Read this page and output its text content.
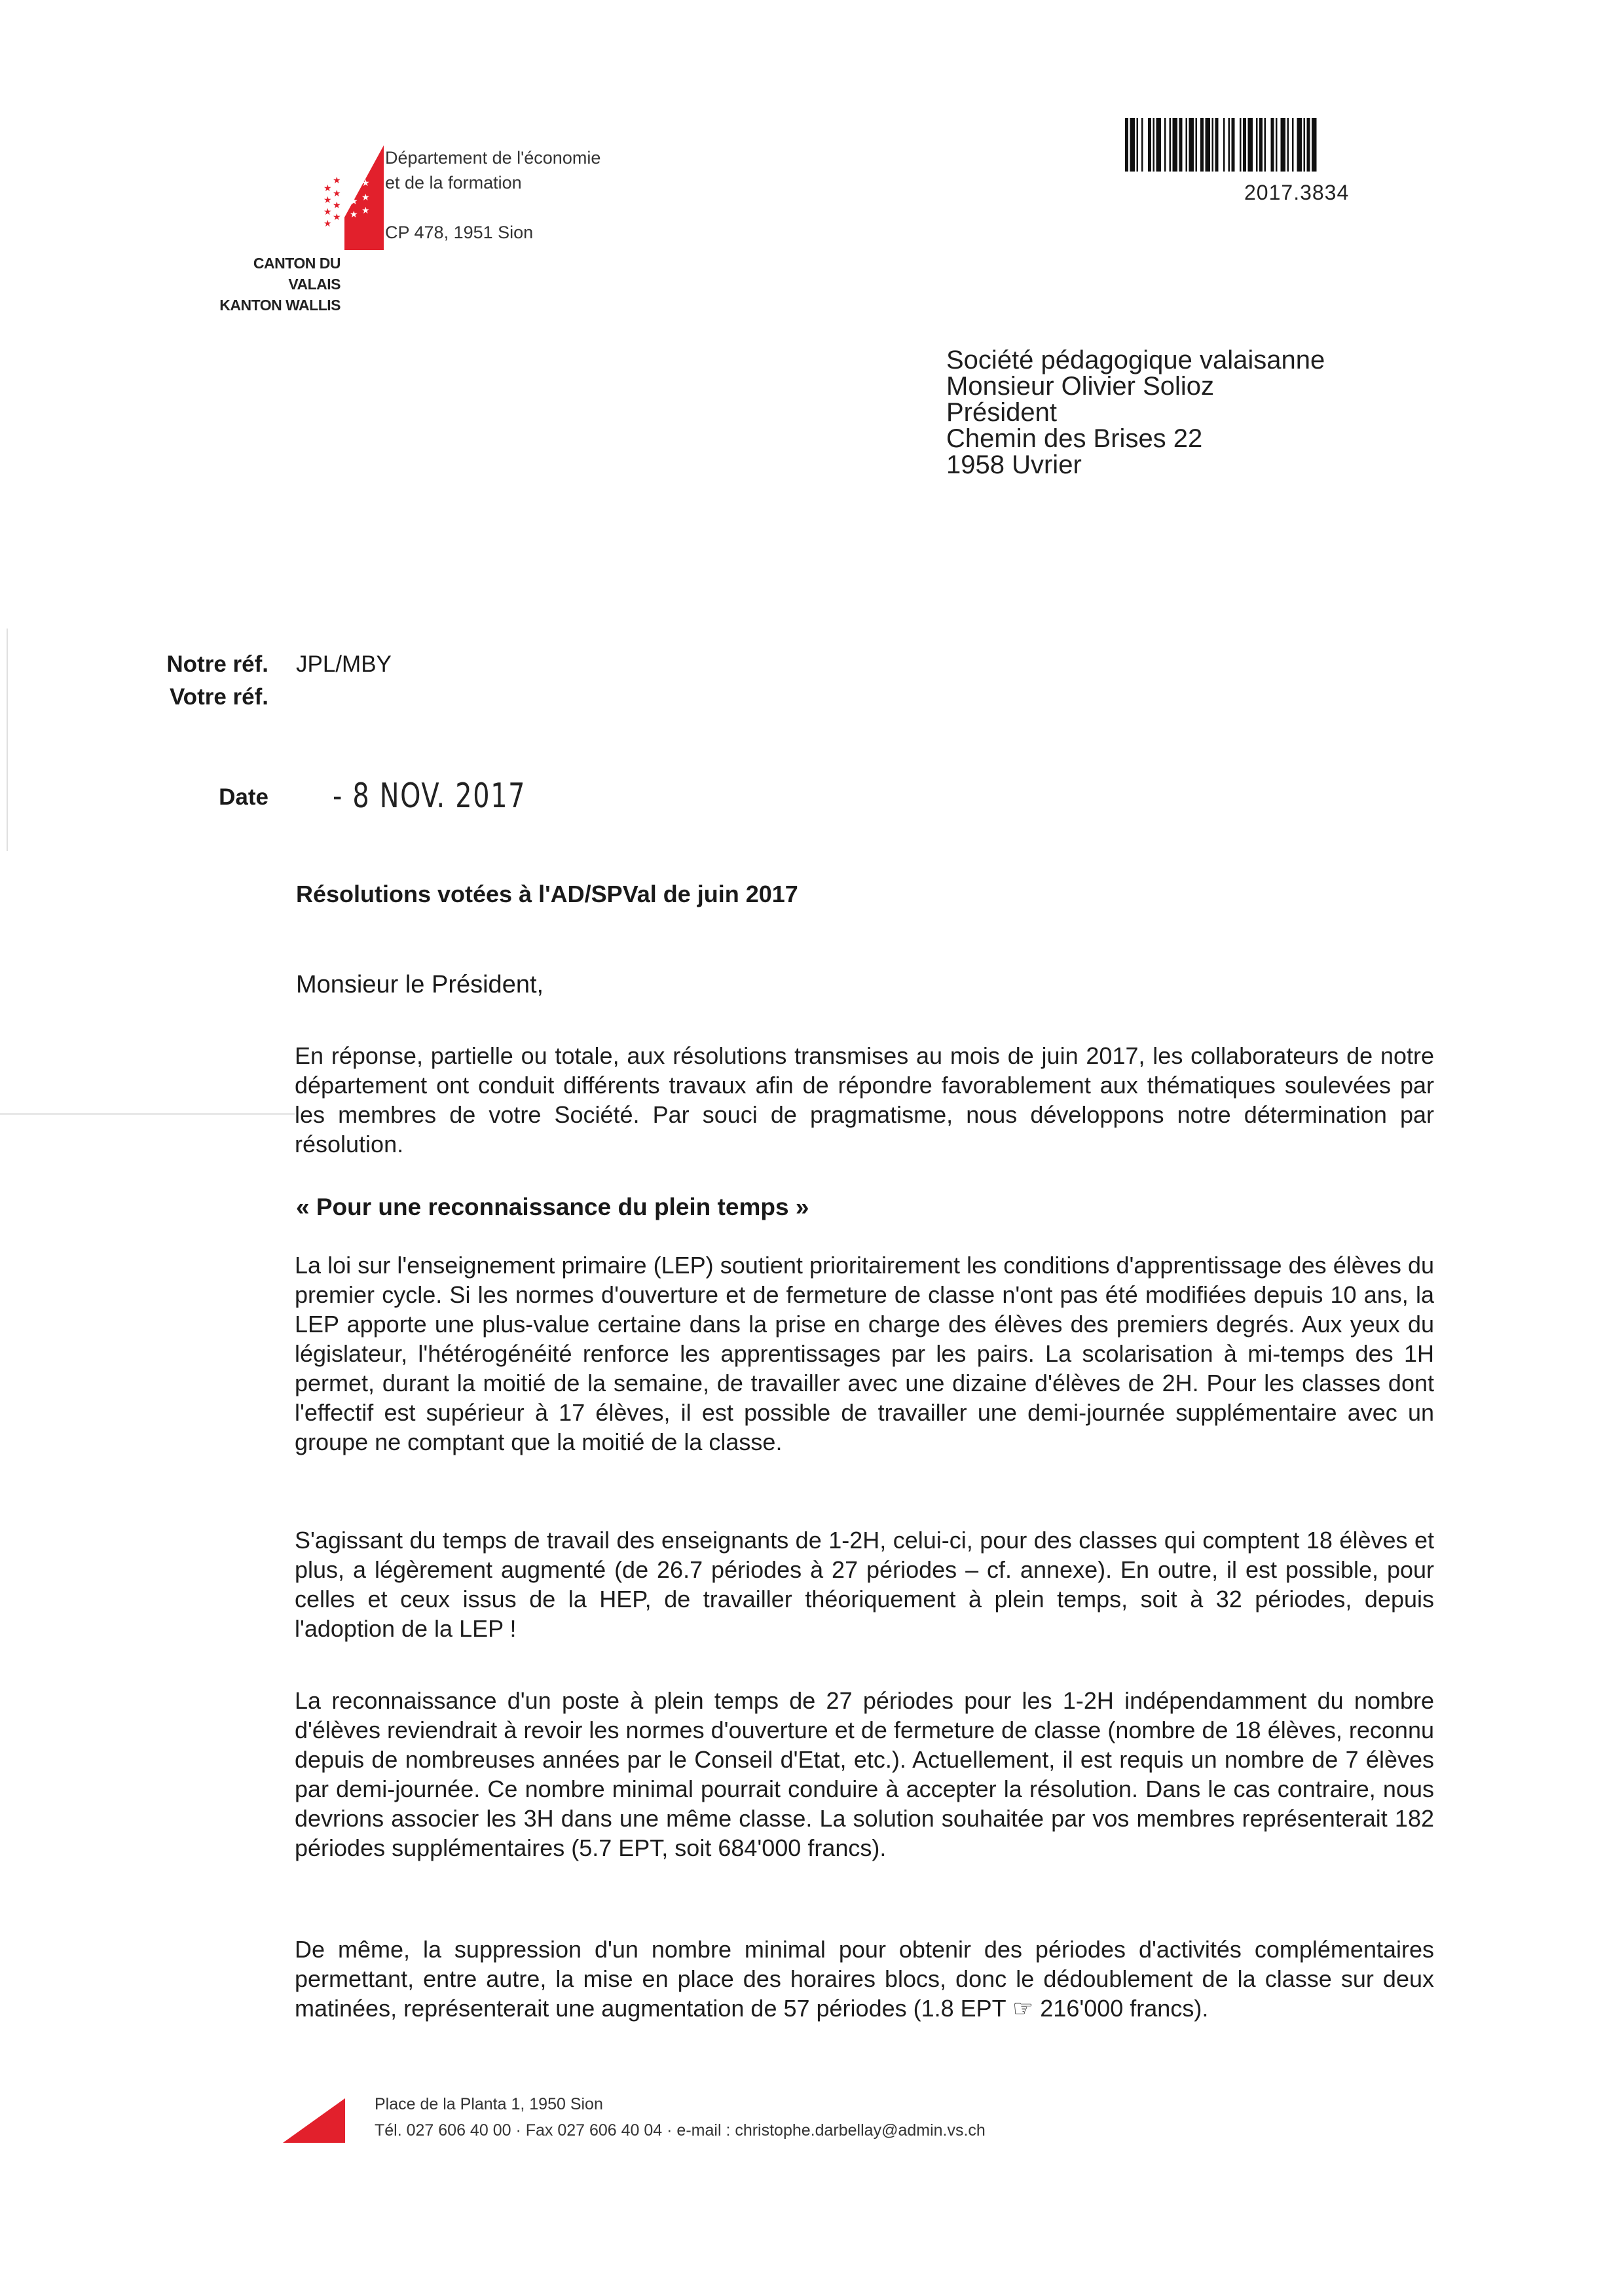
★
★
★
★
★
★
★
★
★ ★
★ ★
★ ★
Département de l'économie
et de la formation
CP 478, 1951 Sion
CANTON DU VALAIS
KANTON WALLIS
2017.3834
Société pédagogique valaisanne
Monsieur Olivier Solioz
Président
Chemin des Brises 22
1958 Uvrier
Notre réf.
Votre réf.
JPL/MBY
Date - 8 NOV. 2017
Résolutions votées à l'AD/SPVal de juin 2017
Monsieur le Président,
En réponse, partielle ou totale, aux résolutions transmises au mois de juin 2017, les collaborateurs de notre département ont conduit différents travaux afin de répondre favorablement aux thématiques soulevées par les membres de votre Société. Par souci de pragmatisme, nous développons notre détermination par résolution.
« Pour une reconnaissance du plein temps »
La loi sur l'enseignement primaire (LEP) soutient prioritairement les conditions d'apprentissage des élèves du premier cycle. Si les normes d'ouverture et de fermeture de classe n'ont pas été modifiées depuis 10 ans, la LEP apporte une plus-value certaine dans la prise en charge des élèves des premiers degrés. Aux yeux du législateur, l'hétérogénéité renforce les apprentissages par les pairs. La scolarisation à mi-temps des 1H permet, durant la moitié de la semaine, de travailler avec une dizaine d'élèves de 2H. Pour les classes dont l'effectif est supérieur à 17 élèves, il est possible de travailler une demi-journée supplémentaire avec un groupe ne comptant que la moitié de la classe.
S'agissant du temps de travail des enseignants de 1-2H, celui-ci, pour des classes qui comptent 18 élèves et plus, a légèrement augmenté (de 26.7 périodes à 27 périodes – cf. annexe). En outre, il est possible, pour celles et ceux issus de la HEP, de travailler théoriquement à plein temps, soit à 32 périodes, depuis l'adoption de la LEP !
La reconnaissance d'un poste à plein temps de 27 périodes pour les 1-2H indépendamment du nombre d'élèves reviendrait à revoir les normes d'ouverture et de fermeture de classe (nombre de 18 élèves, reconnu depuis de nombreuses années par le Conseil d'Etat, etc.). Actuellement, il est requis un nombre de 7 élèves par demi-journée. Ce nombre minimal pourrait conduire à accepter la résolution. Dans le cas contraire, nous devrions associer les 3H dans une même classe. La solution souhaitée par vos membres représenterait 182 périodes supplémentaires (5.7 EPT, soit 684'000 francs).
De même, la suppression d'un nombre minimal pour obtenir des périodes d'activités complémentaires permettant, entre autre, la mise en place des horaires blocs, donc le dédoublement de la classe sur deux matinées, représenterait une augmentation de 57 périodes (1.8 EPT ☞ 216'000 francs).
Place de la Planta 1, 1950 Sion
Tél. 027 606 40 00 · Fax 027 606 40 04 · e-mail : christophe.darbellay@admin.vs.ch
